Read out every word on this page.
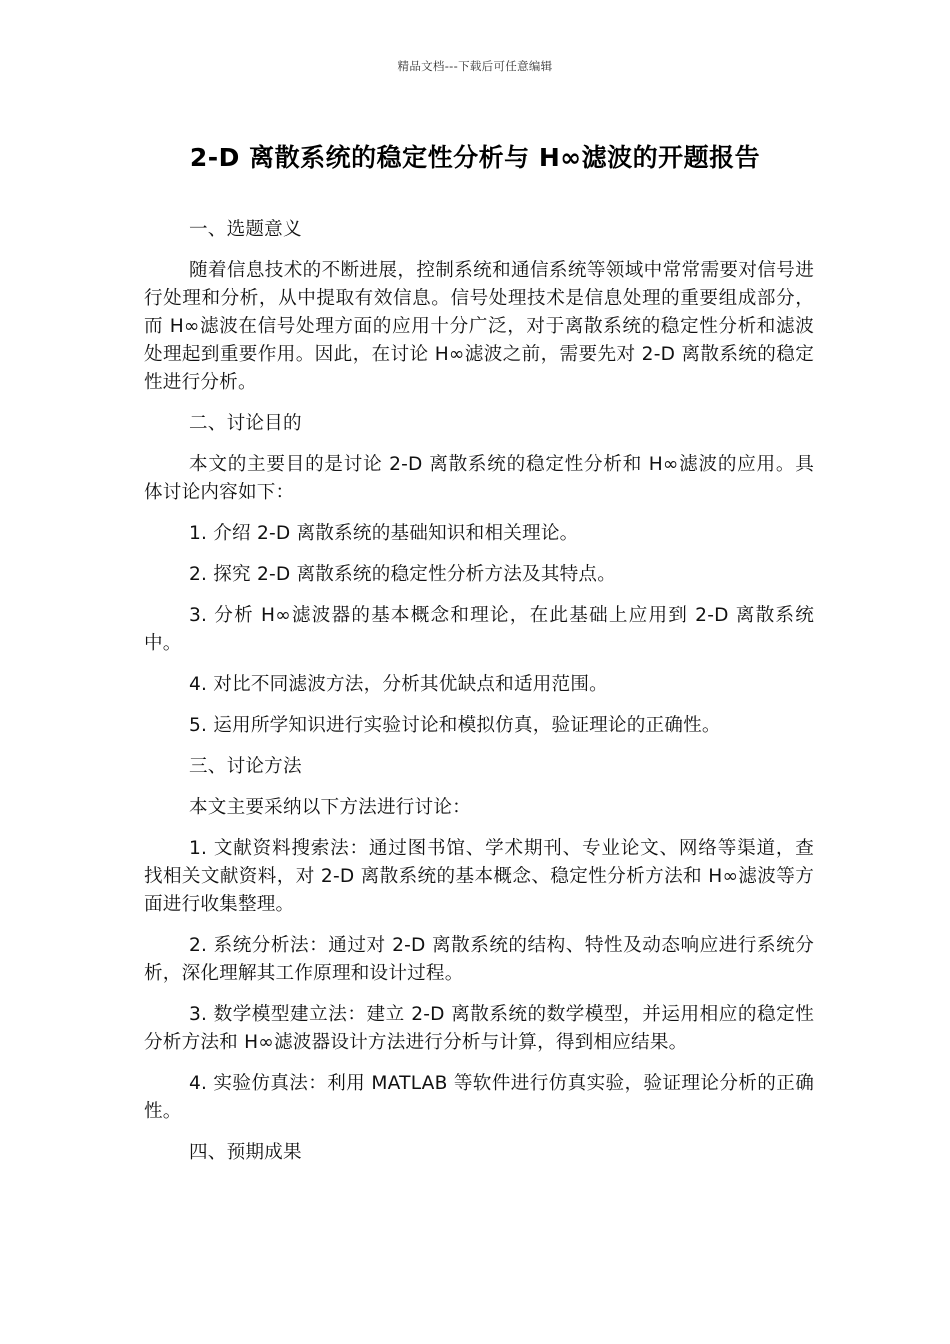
精品文档---下载后可任意编辑
2-D 离散系统的稳定性分析与 H∞滤波的开题报告

一、选题意义

随着信息技术的不断进展，控制系统和通信系统等领域中常常需要对信号进行处理和分析，从中提取有效信息。信号处理技术是信息处理的重要组成部分，而 H∞滤波在信号处理方面的应用十分广泛，对于离散系统的稳定性分析和滤波处理起到重要作用。因此，在讨论 H∞滤波之前，需要先对 2-D 离散系统的稳定性进行分析。

二、讨论目的

本文的主要目的是讨论 2-D 离散系统的稳定性分析和 H∞滤波的应用。具体讨论内容如下：

1. 介绍 2-D 离散系统的基础知识和相关理论。

2. 探究 2-D 离散系统的稳定性分析方法及其特点。

3. 分析 H∞滤波器的基本概念和理论，在此基础上应用到 2-D 离散系统中。

4. 对比不同滤波方法，分析其优缺点和适用范围。

5. 运用所学知识进行实验讨论和模拟仿真，验证理论的正确性。

三、讨论方法

本文主要采纳以下方法进行讨论：

1. 文献资料搜索法：通过图书馆、学术期刊、专业论文、网络等渠道，查找相关文献资料，对 2-D 离散系统的基本概念、稳定性分析方法和 H∞滤波等方面进行收集整理。

2. 系统分析法：通过对 2-D 离散系统的结构、特性及动态响应进行系统分析，深化理解其工作原理和设计过程。

3. 数学模型建立法：建立 2-D 离散系统的数学模型，并运用相应的稳定性分析方法和 H∞滤波器设计方法进行分析与计算，得到相应结果。

4. 实验仿真法：利用 MATLAB 等软件进行仿真实验，验证理论分析的正确性。

四、预期成果
